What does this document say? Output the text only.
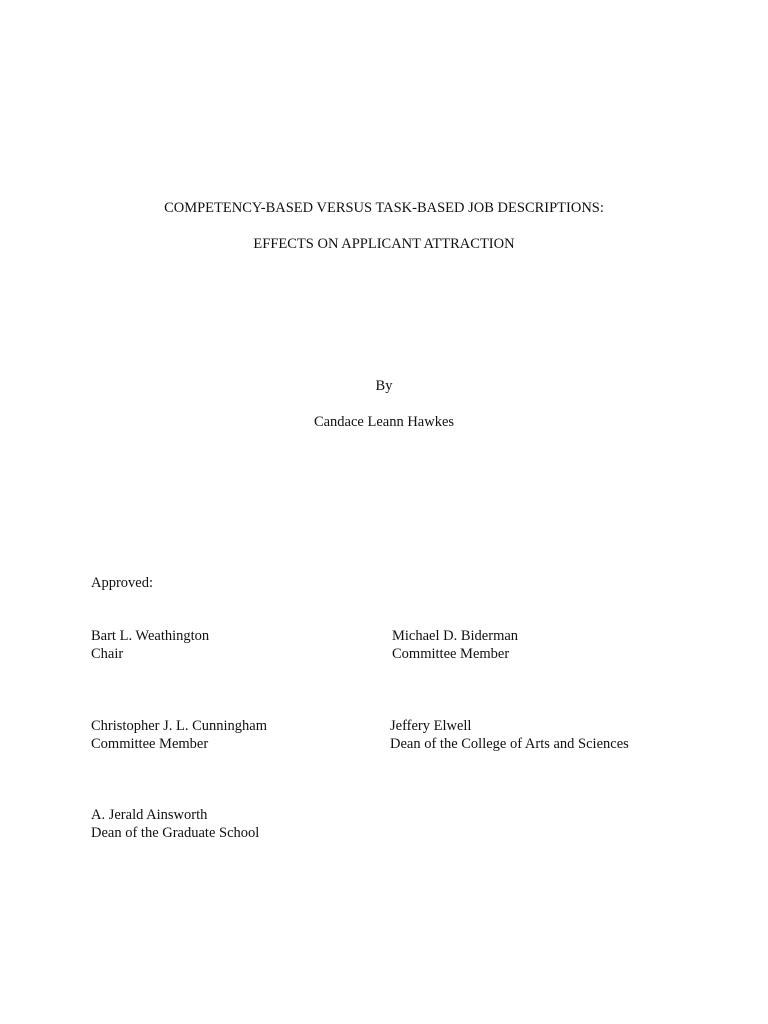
COMPETENCY-BASED VERSUS TASK-BASED JOB DESCRIPTIONS:
EFFECTS ON APPLICANT ATTRACTION
By
Candace Leann Hawkes
Approved:
Bart L. Weathington
Chair
Michael D. Biderman
Committee Member
Christopher J. L. Cunningham
Committee Member
Jeffery Elwell
Dean of the College of Arts and Sciences
A. Jerald Ainsworth
Dean of the Graduate School
